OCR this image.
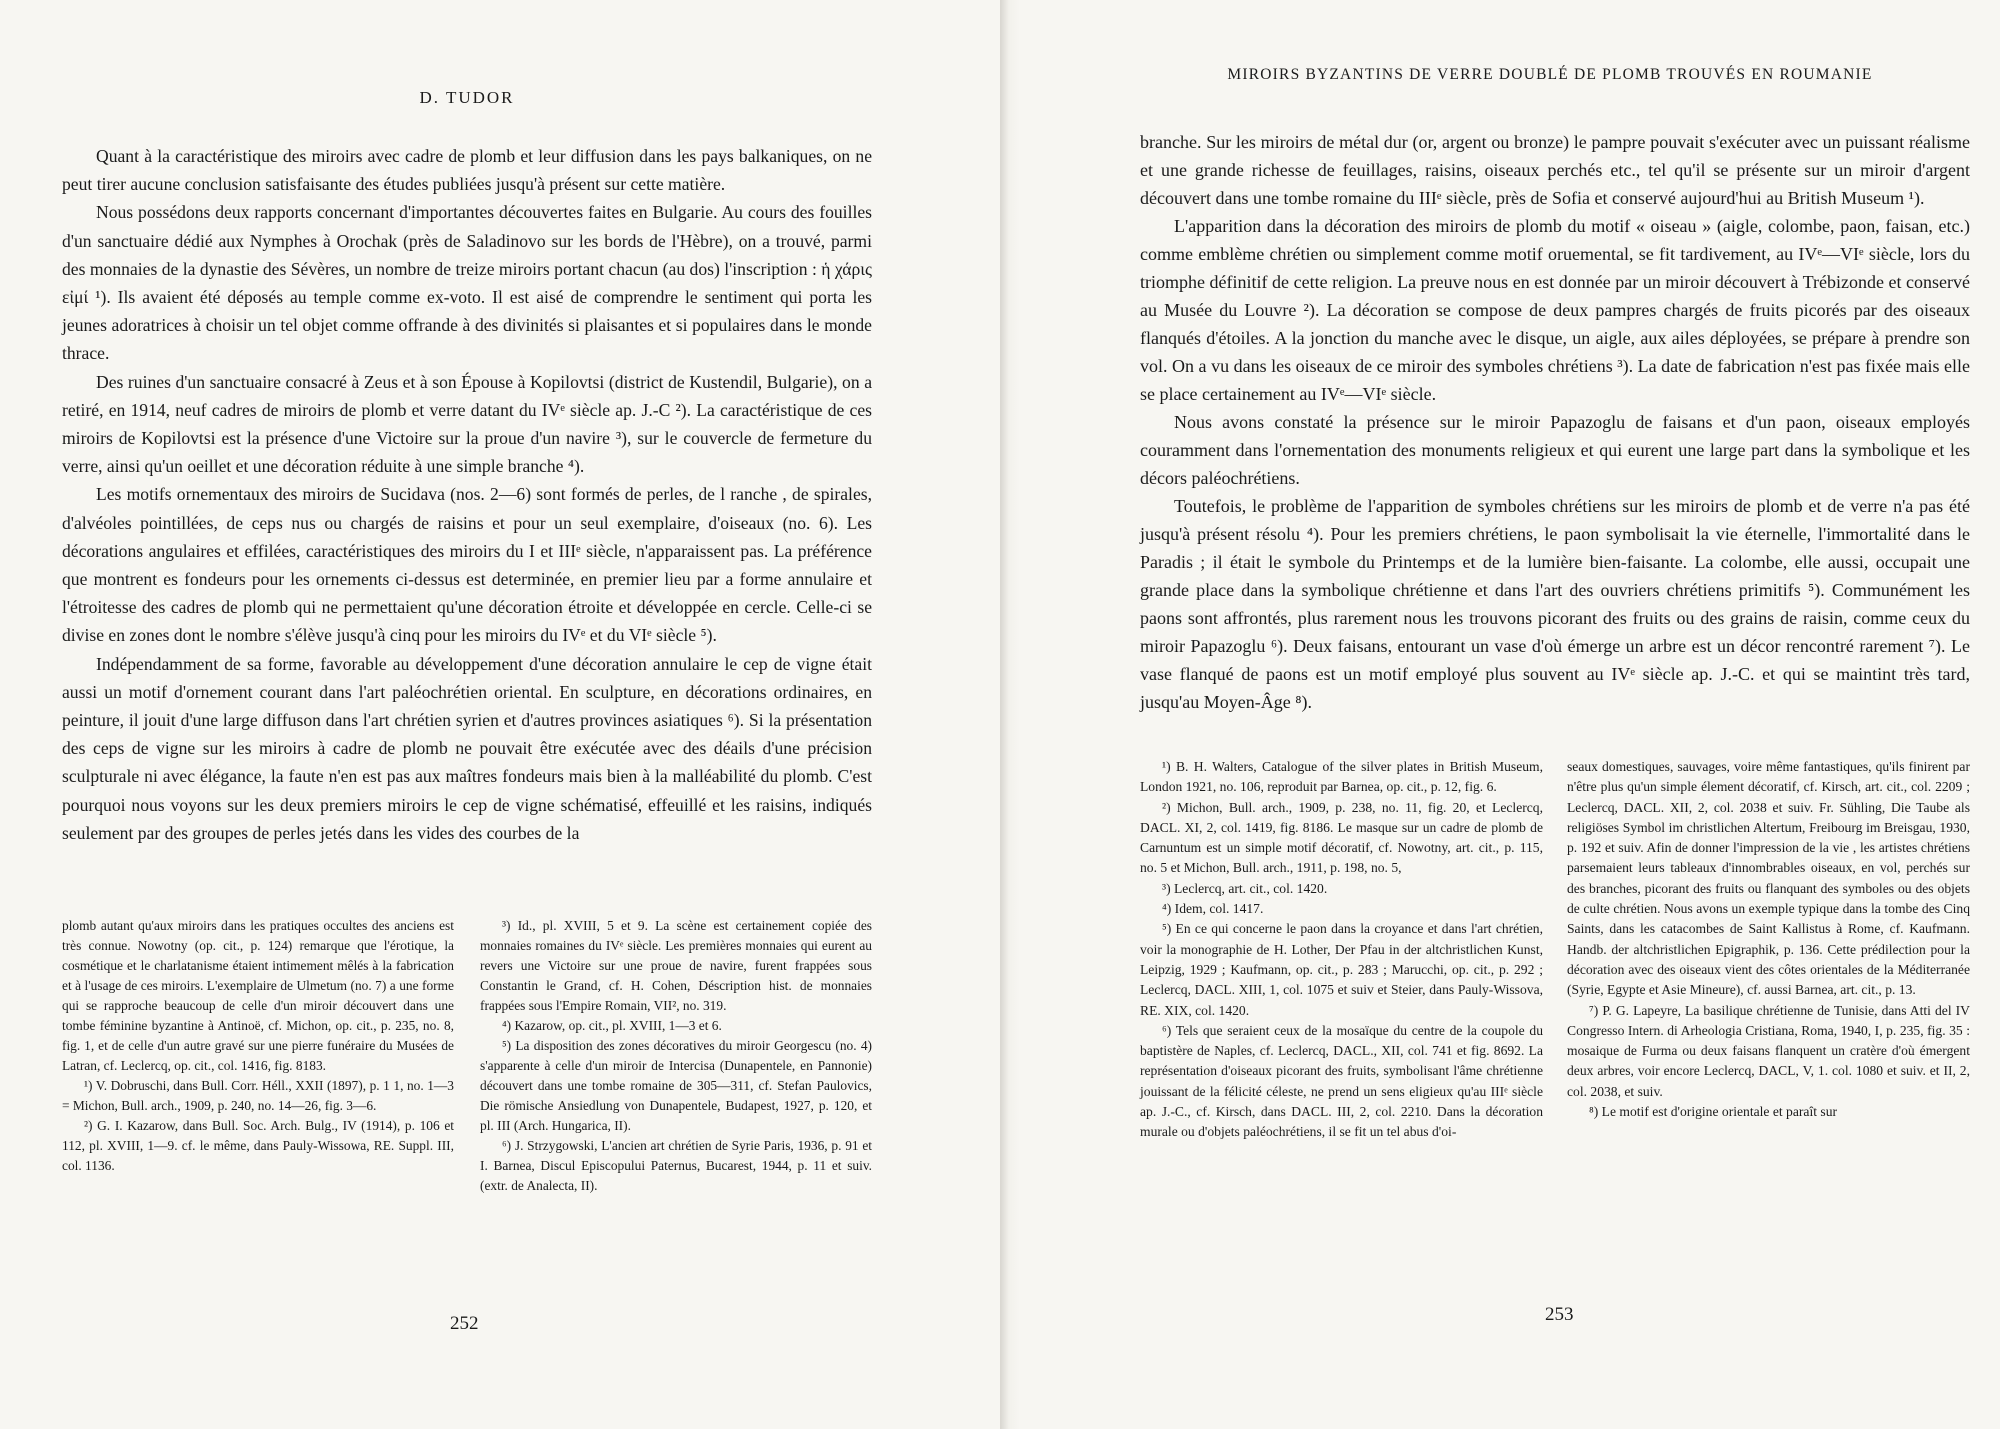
D. TUDOR

Quant à la caractéristique des miroirs avec cadre de plomb et leur diffusion dans les pays balkaniques, on ne peut tirer aucune conclusion satisfaisante des études publiées jusqu'à présent sur cette matière.

Nous possédons deux rapports concernant d'importantes découvertes faites en Bulgarie. Au cours des fouilles d'un sanctuaire dédié aux Nymphes à Orochak (près de Saladinovo sur les bords de l'Hèbre), on a trouvé, parmi des monnaies de la dynastie des Sévères, un nombre de treize miroirs portant chacun (au dos) l'inscription : ἡ χάρις εἰμί ¹). Ils avaient été déposés au temple comme ex-voto. Il est aisé de comprendre le sentiment qui porta les jeunes adoratrices à choisir un tel objet comme offrande à des divinités si plaisantes et si populaires dans le monde thrace.

Des ruines d'un sanctuaire consacré à Zeus et à son Épouse à Kopilovtsi (district de Kustendil, Bulgarie), on a retiré, en 1914, neuf cadres de miroirs de plomb et verre datant du IVᵉ siècle ap. J.-C ²). La caractéristique de ces miroirs de Kopilovtsi est la présence d'une Victoire sur la proue d'un navire ³), sur le couvercle de fermeture du verre, ainsi qu'un oeillet et une décoration réduite à une simple branche ⁴).

Les motifs ornementaux des miroirs de Sucidava (nos. 2—6) sont formés de perles, de l ranche , de spirales, d'alvéoles pointillées, de ceps nus ou chargés de raisins et pour un seul exemplaire, d'oiseaux (no. 6). Les décorations angulaires et effilées, caractéristiques des miroirs du I et IIIᵉ siècle, n'apparaissent pas. La préférence que montrent es fondeurs pour les ornements ci-dessus est determinée, en premier lieu par a forme annulaire et l'étroitesse des cadres de plomb qui ne permettaient qu'une décoration étroite et développée en cercle. Celle-ci se divise en zones dont le nombre s'élève jusqu'à cinq pour les miroirs du IVᵉ et du VIᵉ siècle ⁵).

Indépendamment de sa forme, favorable au développement d'une décoration annulaire le cep de vigne était aussi un motif d'ornement courant dans l'art paléochrétien oriental. En sculpture, en décorations ordinaires, en peinture, il jouit d'une large diffuson dans l'art chrétien syrien et d'autres provinces asiatiques ⁶). Si la présentation des ceps de vigne sur les miroirs à cadre de plomb ne pouvait être exécutée avec des déails d'une précision sculpturale ni avec élégance, la faute n'en est pas aux maîtres fondeurs mais bien à la malléabilité du plomb. C'est pourquoi nous voyons sur les deux premiers miroirs le cep de vigne schématisé, effeuillé et les raisins, indiqués seulement par des groupes de perles jetés dans les vides des courbes de la

plomb autant qu'aux miroirs dans les pratiques occultes des anciens est très connue. Nowotny (op. cit., p. 124) remarque que l'érotique, la cosmétique et le charlatanisme étaient intimement mêlés à la fabrication et à l'usage de ces miroirs. L'exemplaire de Ulmetum (no. 7) a une forme qui se rapproche beaucoup de celle d'un miroir découvert dans une tombe féminine byzantine à Antinoë, cf. Michon, op. cit., p. 235, no. 8, fig. 1, et de celle d'un autre gravé sur une pierre funéraire du Musées de Latran, cf. Leclercq, op. cit., col. 1416, fig. 8183.

¹) V. Dobruschi, dans Bull. Corr. Héll., XXII (1897), p. 1 1, no. 1—3 = Michon, Bull. arch., 1909, p. 240, no. 14—26, fig. 3—6.

²) G. I. Kazarow, dans Bull. Soc. Arch. Bulg., IV (1914), p. 106 et 112, pl. XVIII, 1—9. cf. le même, dans Pauly-Wissowa, RE. Suppl. III, col. 1136.

³) Id., pl. XVIII, 5 et 9. La scène est certainement copiée des monnaies romaines du IVᵉ siècle. Les premières monnaies qui eurent au revers une Victoire sur une proue de navire, furent frappées sous Constantin le Grand, cf. H. Cohen, Déscription hist. de monnaies frappées sous l'Empire Romain, VII², no. 319.

⁴) Kazarow, op. cit., pl. XVIII, 1—3 et 6.

⁵) La disposition des zones décoratives du miroir Georgescu (no. 4) s'apparente à celle d'un miroir de Intercisa (Dunapentele, en Pannonie) découvert dans une tombe romaine de 305—311, cf. Stefan Paulovics, Die römische Ansiedlung von Dunapentele, Budapest, 1927, p. 120, et pl. III (Arch. Hungarica, II).

⁶) J. Strzygowski, L'ancien art chrétien de Syrie Paris, 1936, p. 91 et I. Barnea, Discul Episcopului Paternus, Bucarest, 1944, p. 11 et suiv. (extr. de Analecta, II).

252
MIROIRS BYZANTINS DE VERRE DOUBLÉ DE PLOMB TROUVÉS EN ROUMANIE

branche. Sur les miroirs de métal dur (or, argent ou bronze) le pampre pouvait s'exécuter avec un puissant réalisme et une grande richesse de feuillages, raisins, oiseaux perchés etc., tel qu'il se présente sur un miroir d'argent découvert dans une tombe romaine du IIIᵉ siècle, près de Sofia et conservé aujourd'hui au British Museum ¹).

L'apparition dans la décoration des miroirs de plomb du motif « oiseau » (aigle, colombe, paon, faisan, etc.) comme emblème chrétien ou simplement comme motif oruemental, se fit tardivement, au IVᵉ—VIᵉ siècle, lors du triomphe définitif de cette religion. La preuve nous en est donnée par un miroir découvert à Trébizonde et conservé au Musée du Louvre ²). La décoration se compose de deux pampres chargés de fruits picorés par des oiseaux flanqués d'étoiles. A la jonction du manche avec le disque, un aigle, aux ailes déployées, se prépare à prendre son vol. On a vu dans les oiseaux de ce miroir des symboles chrétiens ³). La date de fabrication n'est pas fixée mais elle se place certainement au IVᵉ—VIᵉ siècle.

Nous avons constaté la présence sur le miroir Papazoglu de faisans et d'un paon, oiseaux employés couramment dans l'ornementation des monuments religieux et qui eurent une large part dans la symbolique et les décors paléochrétiens.

Toutefois, le problème de l'apparition de symboles chrétiens sur les miroirs de plomb et de verre n'a pas été jusqu'à présent résolu ⁴). Pour les premiers chrétiens, le paon symbolisait la vie éternelle, l'immortalité dans le Paradis ; il était le symbole du Printemps et de la lumière bien-faisante. La colombe, elle aussi, occupait une grande place dans la symbolique chrétienne et dans l'art des ouvriers chrétiens primitifs ⁵). Communément les paons sont affrontés, plus rarement nous les trouvons picorant des fruits ou des grains de raisin, comme ceux du miroir Papazoglu ⁶). Deux faisans, entourant un vase d'où émerge un arbre est un décor rencontré rarement ⁷). Le vase flanqué de paons est un motif employé plus souvent au IVᵉ siècle ap. J.-C. et qui se maintint très tard, jusqu'au Moyen-Âge ⁸).

¹) B. H. Walters, Catalogue of the silver plates in British Museum, London 1921, no. 106, reproduit par Barnea, op. cit., p. 12, fig. 6.

²) Michon, Bull. arch., 1909, p. 238, no. 11, fig. 20, et Leclercq, DACL. XI, 2, col. 1419, fig. 8186. Le masque sur un cadre de plomb de Carnuntum est un simple motif décoratif, cf. Nowotny, art. cit., p. 115, no. 5 et Michon, Bull. arch., 1911, p. 198, no. 5,

³) Leclercq, art. cit., col. 1420.

⁴) Idem, col. 1417.

⁵) En ce qui concerne le paon dans la croyance et dans l'art chrétien, voir la monographie de H. Lother, Der Pfau in der altchristlichen Kunst, Leipzig, 1929 ; Kaufmann, op. cit., p. 283 ; Marucchi, op. cit., p. 292 ; Leclercq, DACL. XIII, 1, col. 1075 et suiv et Steier, dans Pauly-Wissova, RE. XIX, col. 1420.

⁶) Tels que seraient ceux de la mosaïque du centre de la coupole du baptistère de Naples, cf. Leclercq, DACL., XII, col. 741 et fig. 8692. La représentation d'oiseaux picorant des fruits, symbolisant l'âme chrétienne jouissant de la félicité céleste, ne prend un sens eligieux qu'au IIIᵉ siècle ap. J.-C., cf. Kirsch, dans DACL. III, 2, col. 2210. Dans la décoration murale ou d'objets paléochrétiens, il se fit un tel abus d'oi-

seaux domestiques, sauvages, voire même fantastiques, qu'ils finirent par n'être plus qu'un simple élement décoratif, cf. Kirsch, art. cit., col. 2209 ; Leclercq, DACL. XII, 2, col. 2038 et suiv. Fr. Sühling, Die Taube als religiöses Symbol im christlichen Altertum, Freibourg im Breisgau, 1930, p. 192 et suiv. Afin de donner l'impression de la vie , les artistes chrétiens parsemaient leurs tableaux d'innombrables oiseaux, en vol, perchés sur des branches, picorant des fruits ou flanquant des symboles ou des objets de culte chrétien. Nous avons un exemple typique dans la tombe des Cinq Saints, dans les catacombes de Saint Kallistus à Rome, cf. Kaufmann. Handb. der altchristlichen Epigraphik, p. 136. Cette prédilection pour la décoration avec des oiseaux vient des côtes orientales de la Méditerranée (Syrie, Egypte et Asie Mineure), cf. aussi Barnea, art. cit., p. 13.

⁷) P. G. Lapeyre, La basilique chrétienne de Tunisie, dans Atti del IV Congresso Intern. di Arheologia Cristiana, Roma, 1940, I, p. 235, fig. 35 : mosaique de Furma ou deux faisans flanquent un cratère d'où émergent deux arbres, voir encore Leclercq, DACL, V, 1. col. 1080 et suiv. et II, 2, col. 2038, et suiv.

⁸) Le motif est d'origine orientale et paraît sur

253
